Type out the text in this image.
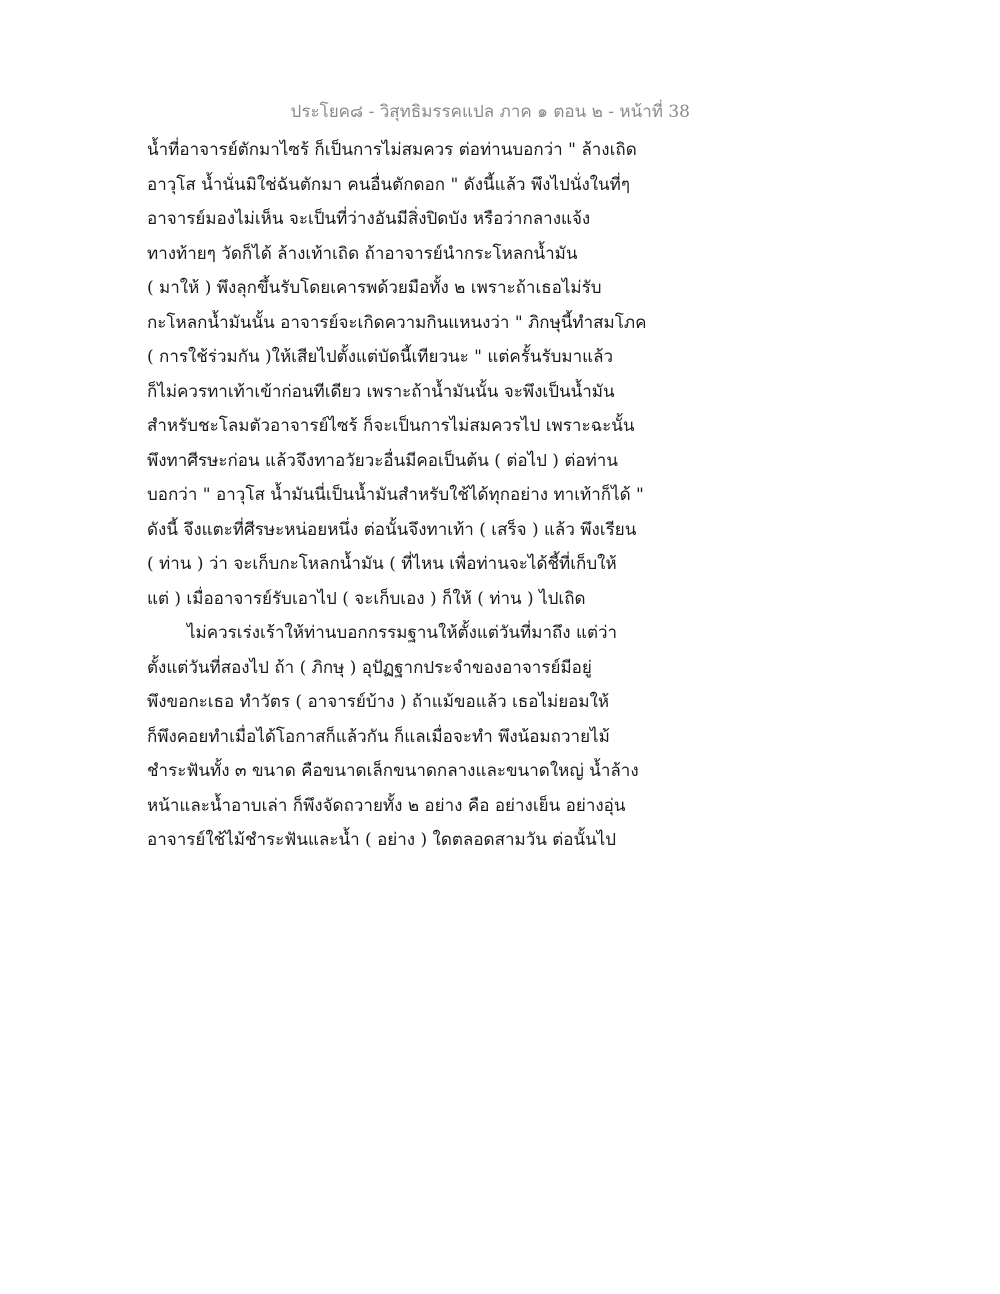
ประโยค๘ - วิสุทธิมรรคแปล ภาค ๑ ตอน ๒ - หน้าที่ 38
น้ำที่อาจารย์ตักมาไซร้ ก็เป็นการไม่สมควร ต่อท่านบอกว่า " ล้างเถิด
อาวุโส น้ำนั่นมิใช่ฉันตักมา คนอื่นตักดอก " ดังนี้แล้ว พึงไปนั่งในที่ๆ
อาจารย์มองไม่เห็น จะเป็นที่ว่างอันมีสิ่งปิดบัง หรือว่ากลางแจ้ง
ทางท้ายๆ วัดก็ได้ ล้างเท้าเถิด ถ้าอาจารย์นำกระโหลกน้ำมัน
( มาให้ ) พึงลุกขึ้นรับโดยเคารพด้วยมือทั้ง ๒ เพราะถ้าเธอไม่รับ
กะโหลกน้ำมันนั้น อาจารย์จะเกิดความกินแหนงว่า " ภิกษุนี้ทำสมโภค
( การใช้ร่วมกัน )ให้เสียไปตั้งแต่บัดนี้เทียวนะ " แต่ครั้นรับมาแล้ว
ก็ไม่ควรทาเท้าเข้าก่อนทีเดียว เพราะถ้าน้ำมันนั้น จะพึงเป็นน้ำมัน
สำหรับชะโลมตัวอาจารย์ไซร้ ก็จะเป็นการไม่สมควรไป เพราะฉะนั้น
พึงทาศีรษะก่อน แล้วจึงทาอวัยวะอื่นมีคอเป็นต้น ( ต่อไป ) ต่อท่าน
บอกว่า " อาวุโส น้ำมันนี่เป็นน้ำมันสำหรับใช้ได้ทุกอย่าง ทาเท้าก็ได้ "
ดังนี้ จึงแตะที่ศีรษะหน่อยหนึ่ง ต่อนั้นจึงทาเท้า ( เสร็จ ) แล้ว พึงเรียน
( ท่าน ) ว่า จะเก็บกะโหลกน้ำมัน ( ที่ไหน เพื่อท่านจะได้ชี้ที่เก็บให้
แต่ ) เมื่ออาจารย์รับเอาไป ( จะเก็บเอง ) ก็ให้ ( ท่าน ) ไปเถิด
ไม่ควรเร่งเร้าให้ท่านบอกกรรมฐานให้ตั้งแต่วันที่มาถึง แต่ว่า
ตั้งแต่วันที่สองไป ถ้า ( ภิกษุ ) อุปัฏฐากประจำของอาจารย์มีอยู่
พึงขอกะเธอ ทำวัตร ( อาจารย์บ้าง ) ถ้าแม้ขอแล้ว เธอไม่ยอมให้
ก็พึงคอยทำเมื่อได้โอกาสก็แล้วกัน ก็แลเมื่อจะทำ พึงน้อมถวายไม้
ชำระฟันทั้ง ๓ ขนาด คือขนาดเล็กขนาดกลางและขนาดใหญ่ น้ำล้าง
หน้าและน้ำอาบเล่า ก็พึงจัดถวายทั้ง ๒ อย่าง คือ อย่างเย็น อย่างอุ่น
อาจารย์ใช้ไม้ชำระฟันและน้ำ ( อย่าง ) ใดตลอดสามวัน ต่อนั้นไป
